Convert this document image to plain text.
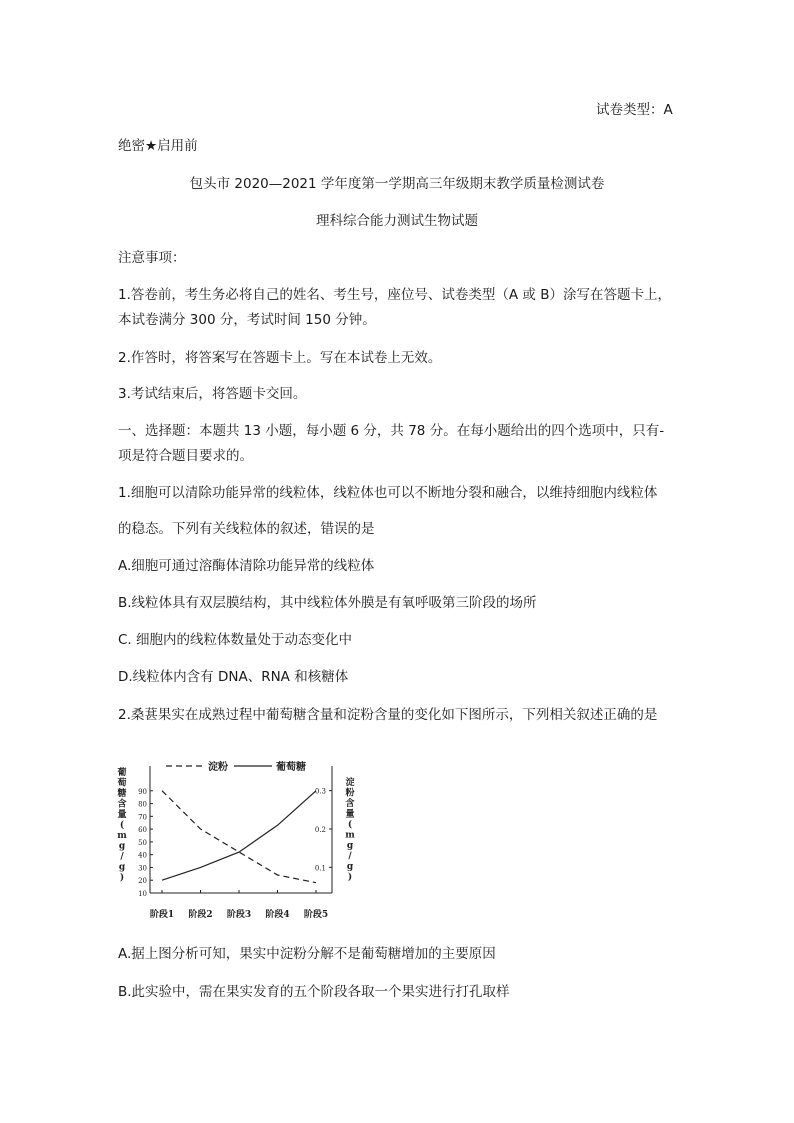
试卷类型：A
绝密★启用前
包头市 2020—2021 学年度第一学期高三年级期末教学质量检测试卷
理科综合能力测试生物试题
注意事项：
1.答卷前，考生务必将自己的姓名、考生号，座位号、试卷类型（A 或 B）涂写在答题卡上，
本试卷满分 300 分，考试时间 150 分钟。
2.作答时，将答案写在答题卡上。写在本试卷上无效。
3.考试结束后，将答题卡交回。
一、选择题：本题共 13 小题，每小题 6 分，共 78 分。在每小题给出的四个选项中，只有-
项是符合题目要求的。
1.细胞可以清除功能异常的线粒体，线粒体也可以不断地分裂和融合，以维持细胞内线粒体
的稳态。下列有关线粒体的叙述，错误的是
A.细胞可通过溶酶体清除功能异常的线粒体
B.线粒体具有双层膜结构，其中线粒体外膜是有氧呼吸第三阶段的场所
C. 细胞内的线粒体数量处于动态变化中
D.线粒体内含有 DNA、RNA 和核糖体
2.桑葚果实在成熟过程中葡萄糖含量和淀粉含量的变化如下图所示，下列相关叙述正确的是
淀粉	葡萄糖
葡
萄
糖
含
量
(
m
g
/
g
)
淀
粉
含
量
(
m
g
/
g
)
10
20
30
40
50
60
70
80
90
0.1
0.2
0.3
阶段1 阶段2 阶段3 阶段4 阶段5
A.据上图分析可知，果实中淀粉分解不是葡萄糖增加的主要原因
B.此实验中，需在果实发育的五个阶段各取一个果实进行打孔取样
